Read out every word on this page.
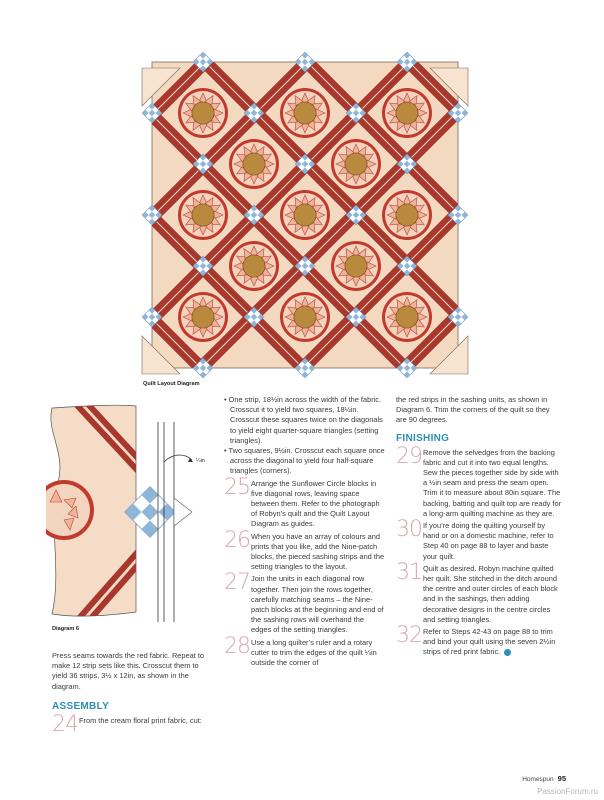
Quilt Layout Diagram
¼in
Diagram 6

Press seams towards the red fabric. Repeat to make 12 strip sets like this. Crosscut them to yield 36 strips, 3½ x 12in, as shown in the diagram.

ASSEMBLY
24 From the cream floral print fabric, cut:

• One strip, 18½in across the width of the fabric. Crosscut it to yield two squares, 18½in. Crosscut these squares twice on the diagonals to yield eight quarter-square triangles (setting triangles).

• Two squares, 9½in. Crosscut each square once across the diagonal to yield four half-square triangles (corners).

25 Arrange the Sunflower Circle blocks in five diagonal rows, leaving space between them. Refer to the photograph of Robyn’s quilt and the Quilt Layout Diagram as guides.
26 When you have an array of colours and prints that you like, add the Nine-patch blocks, the pieced sashing strips and the setting triangles to the layout.
27 Join the units in each diagonal row together. Then join the rows together, carefully matching seams – the Nine-patch blocks at the beginning and end of the sashing rows will overhand the edges of the setting triangles.
28 Use a long quilter’s ruler and a rotary cutter to trim the edges of the quilt ¼in outside the corner of

the red strips in the sashing units, as shown in Diagram 6. Trim the corners of the quilt so they are 90 degrees.

FINISHING
29 Remove the selvedges from the backing fabric and cut it into two equal lengths. Sew the pieces together side by side with a ½in seam and press the seam open. Trim it to measure about 80in square. The backing, batting and quilt top are ready for a long-arm quilting machine as they are.
30 If you’re doing the quilting yourself by hand or on a domestic machine, refer to Step 40 on page 88 to layer and baste your quilt.
31 Quilt as desired. Robyn machine quilted her quilt. She stitched in the ditch around the centre and outer circles of each block and in the sashings, then adding decorative designs in the centre circles and setting triangles.
32 Refer to Steps 42-43 on page 88 to trim and bind your quilt using the seven 2½in strips of red print fabric.
Homespun 95
PassionForum.ru
